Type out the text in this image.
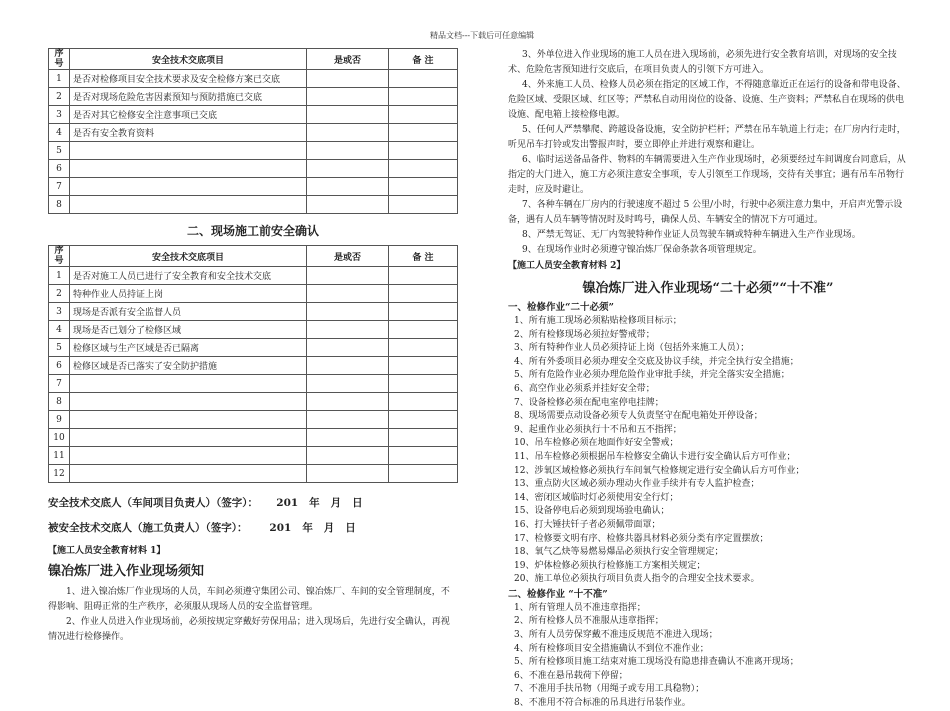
精品文档---下载后可任意编辑
序号	安全技术交底项目	是或否	备 注
1	是否对检修项目安全技术要求及安全检修方案已交底		
2	是否对现场危险危害因素预知与预防措施已交底		
3	是否对其它检修安全注意事项已交底		
4	是否有安全教育资料		
5			
6			
7			
8			
二、现场施工前安全确认
序号	安全技术交底项目	是或否	备 注
1	是否对施工人员已进行了安全教育和安全技术交底		
2	特种作业人员持证上岗		
3	现场是否派有安全监督人员		
4	现场是否已划分了检修区域		
5	检修区域与生产区域是否已隔离		
6	检修区域是否已落实了安全防护措施		
7			
8			
9			
10			
11			
12			
安全技术交底人（车间项目负责人）（签字）：     201   年   月   日
被安全技术交底人（施工负责人）（签字）：      201   年   月   日
【施工人员安全教育材料 1】
镍冶炼厂进入作业现场须知
1、进入镍冶炼厂作业现场的人员，车间必须遵守集团公司、镍冶炼厂、车间的安全管理制度，不得影响、阻碍正常的生产秩序，必须服从现场人员的安全监督管理。
2、作业人员进入作业现场前，必须按规定穿戴好劳保用品；进入现场后，先进行安全确认，再视情况进行检修操作。
3、外单位进入作业现场的施工人员在进入现场前，必须先进行安全教育培训，对现场的安全技术、危险危害预知进行交底后，在项目负责人的引领下方可进入。
4、外来施工人员、检修人员必须在指定的区域工作，不得随意靠近正在运行的设备和带电设备、危险区域、受限区域、红区等；严禁私自动用岗位的设备、设施、生产资料；严禁私自在现场的供电设施、配电箱上接检修电源。
5、任何人严禁攀爬、跨越设备设施，安全防护栏杆；严禁在吊车轨道上行走；在厂房内行走时，听见吊车打铃或发出警报声时，要立即停止并进行观察和避让。
6、临时运送备品备件、物料的车辆需要进入生产作业现场时，必须要经过车间调度台同意后，从指定的大门进入，施工方必须注意安全事项，专人引领至工作现场，交待有关事宜；遇有吊车吊物行走时，应及时避让。
7、各种车辆在厂房内的行驶速度不超过 5 公里/小时，行驶中必须注意力集中，开启声光警示设备，遇有人员车辆等情况时及时鸣号，确保人员、车辆安全的情况下方可通过。
8、严禁无驾证、无厂内驾驶特种作业证人员驾驶车辆或特种车辆进入生产作业现场。
9、在现场作业时必须遵守镍冶炼厂保命条款各项管理规定。
【施工人员安全教育材料 2】
镍冶炼厂进入作业现场“二十必须”“十不准”
一、检修作业“二十必须”
1、所有施工现场必须粘贴检修项目标示；
2、所有检修现场必须拉好警戒带；
3、所有特种作业人员必须持证上岗（包括外来施工人员）；
4、所有外委项目必须办理安全交底及协议手续，并完全执行安全措施；
5、所有危险作业必须办理危险作业审批手续，并完全落实安全措施；
6、高空作业必须系并挂好安全带；
7、设备检修必须在配电室停电挂牌；
8、现场需要点动设备必须专人负责坚守在配电箱处开停设备；
9、起重作业必须执行十不吊和五不指挥；
10、吊车检修必须在地面作好安全警戒；
11、吊车检修必须根据吊车检修安全确认卡进行安全确认后方可作业；
12、涉氧区域检修必须执行车间氧气检修规定进行安全确认后方可作业；
13、重点防火区域必须办理动火作业手续并有专人监护检查；
14、密闭区域临时灯必须使用安全行灯；
15、设备停电后必须到现场验电确认；
16、打大锤扶钎子者必须佩带面罩；
17、检修要文明有序、检修共器具材料必须分类有序定置摆放；
18、氧气乙炔等易燃易爆品必须执行安全管理规定；
19、炉体检修必须执行检修施工方案相关规定；
20、施工单位必须执行项目负责人指令的合理安全技术要求。
二、检修作业 “十不准”
1、所有管理人员不准违章指挥；
2、所有检修人员不准服从违章指挥；
3、所有人员劳保穿戴不准违反规范不准进入现场；
4、所有检修项目安全措施确认不到位不准作业；
5、所有检修项目施工结束对施工现场没有隐患排查确认不准离开现场；
6、不准在悬吊载荷下停留；
7、不准用手扶吊物（用绳子或专用工具稳物）；
8、不准用不符合标准的吊具进行吊装作业。
